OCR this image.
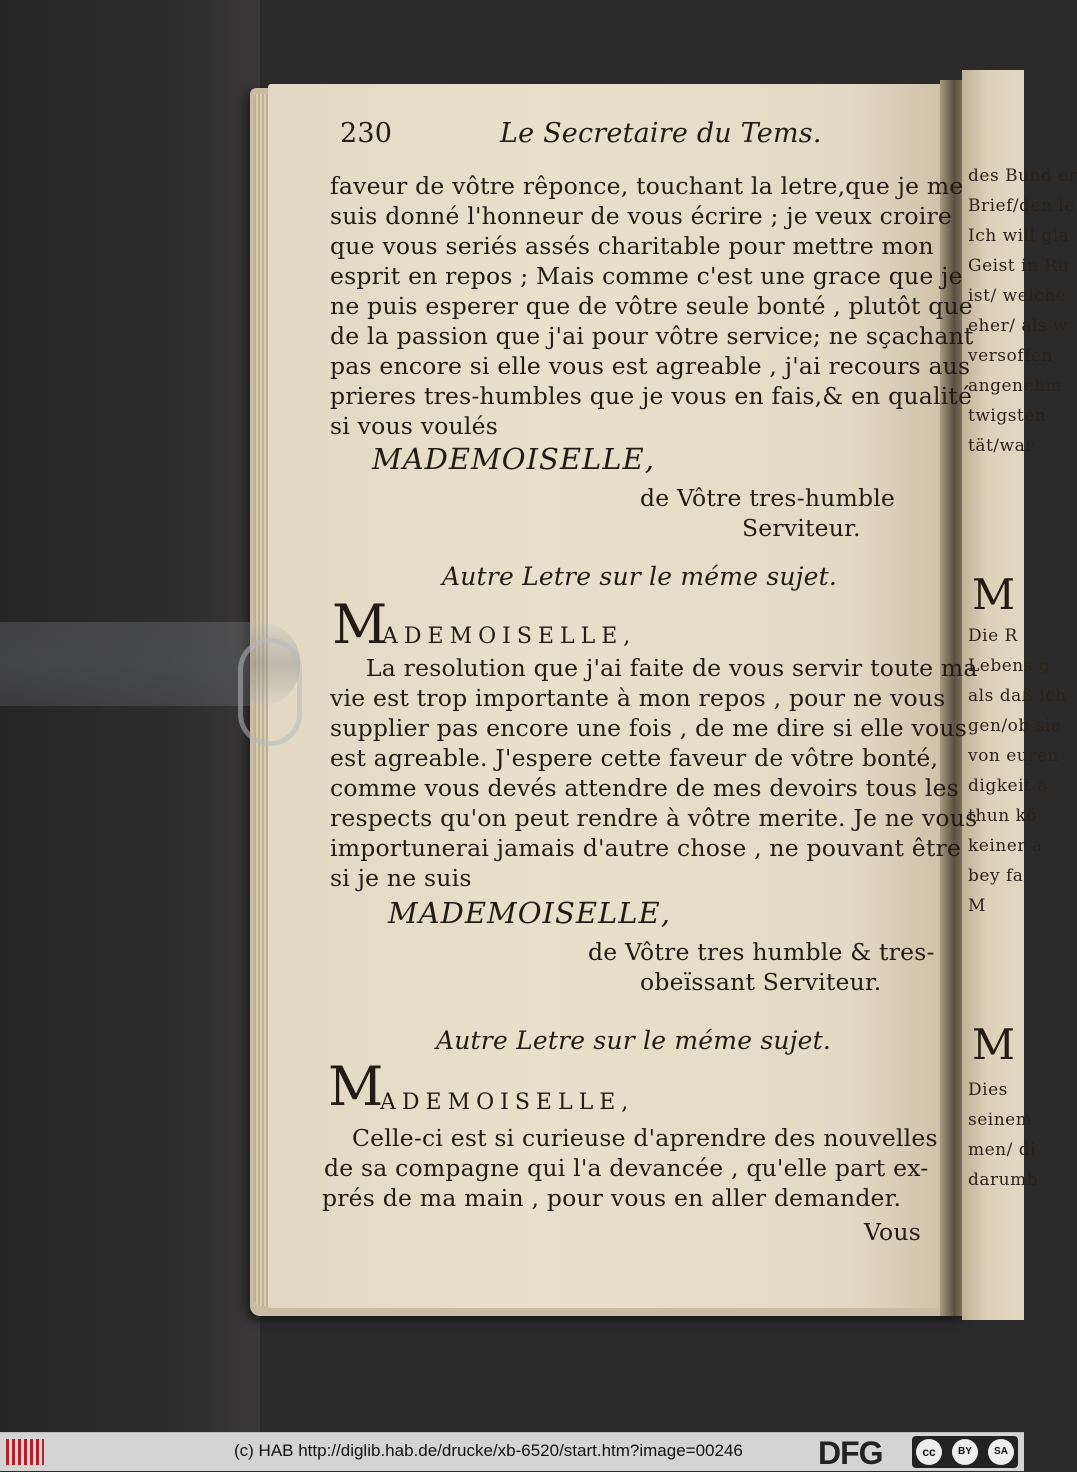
des Bund er
Brief/den le
Ich will gla
Geist in Ru
ist/ welche
eher/ als w
versoffen
angenehm
twigsten
tät/war
M
Die R
Lebens g
als daß ich
gen/ob sie
von euren
digkeit a
thun kö
keiner a
bey fa
M
M
Dies
seinem
men/ di
darumb
230	Le Secretaire du Tems.
faveur de vôtre rêponce, touchant la letre,que je me
suis donné l'honneur de vous écrire ; je veux croire
que vous seriés assés charitable pour mettre mon
esprit en repos ; Mais comme c'est une grace que je
ne puis esperer que de vôtre seule bonté , plutôt que
de la passion que j'ai pour vôtre service; ne sçachant
pas encore si elle vous est agreable , j'ai recours aus
prieres tres-humbles que je vous en fais,& en qualité
si vous voulés
MADEMOISELLE,
de Vôtre tres-humble
Serviteur.
Autre Letre sur le méme sujet.
M
ADEMOISELLE,
La resolution que j'ai faite de vous servir toute ma
vie est trop importante à mon repos , pour ne vous
supplier pas encore une fois , de me dire si elle vous
est agreable. J'espere cette faveur de vôtre bonté,
comme vous devés attendre de mes devoirs tous les
respects qu'on peut rendre à vôtre merite. Je ne vous
importunerai jamais d'autre chose , ne pouvant être
si je ne suis
MADEMOISELLE,
de Vôtre tres humble & tres-
obeïssant Serviteur.
Autre Letre sur le méme sujet.
M
ADEMOISELLE,
Celle-ci est si curieuse d'aprendre des nouvelles
de sa compagne qui l'a devancée , qu'elle part ex-
prés de ma main , pour vous en aller demander.
Vous
(c) HAB http://diglib.hab.de/drucke/xb-6520/start.htm?image=00246 DFG	cc	BY	SA
